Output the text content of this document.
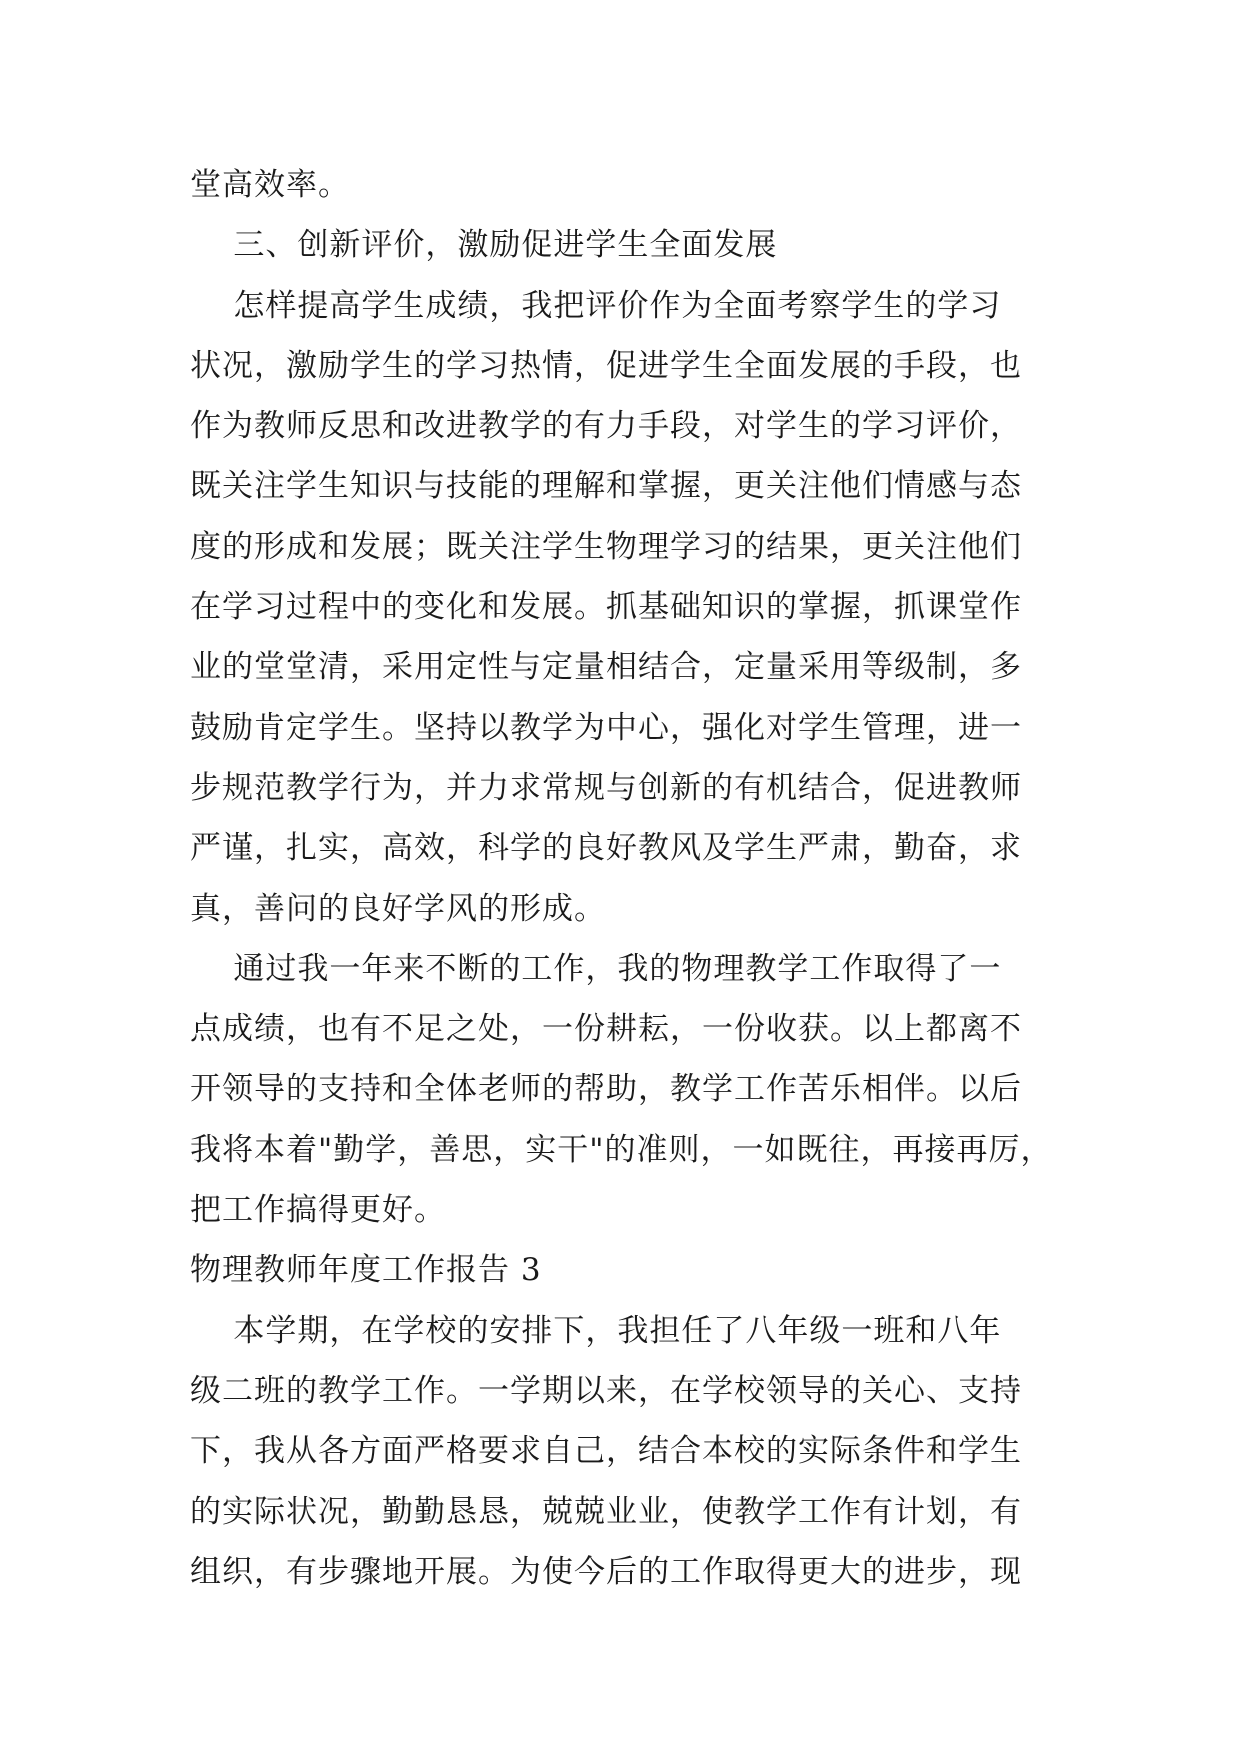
堂高效率。
三、创新评价，激励促进学生全面发展
怎样提高学生成绩，我把评价作为全面考察学生的学习
状况，激励学生的学习热情，促进学生全面发展的手段，也
作为教师反思和改进教学的有力手段，对学生的学习评价，
既关注学生知识与技能的理解和掌握，更关注他们情感与态
度的形成和发展；既关注学生物理学习的结果，更关注他们
在学习过程中的变化和发展。抓基础知识的掌握，抓课堂作
业的堂堂清，采用定性与定量相结合，定量采用等级制，多
鼓励肯定学生。坚持以教学为中心，强化对学生管理，进一
步规范教学行为，并力求常规与创新的有机结合，促进教师
严谨，扎实，高效，科学的良好教风及学生严肃，勤奋，求
真，善问的良好学风的形成。
通过我一年来不断的工作，我的物理教学工作取得了一
点成绩，也有不足之处，一份耕耘，一份收获。以上都离不
开领导的支持和全体老师的帮助，教学工作苦乐相伴。以后
我将本着"勤学，善思，实干"的准则，一如既往，再接再厉，
把工作搞得更好。
物理教师年度工作报告 3
本学期，在学校的安排下，我担任了八年级一班和八年
级二班的教学工作。一学期以来，在学校领导的关心、支持
下，我从各方面严格要求自己，结合本校的实际条件和学生
的实际状况，勤勤恳恳，兢兢业业，使教学工作有计划，有
组织，有步骤地开展。为使今后的工作取得更大的进步，现
